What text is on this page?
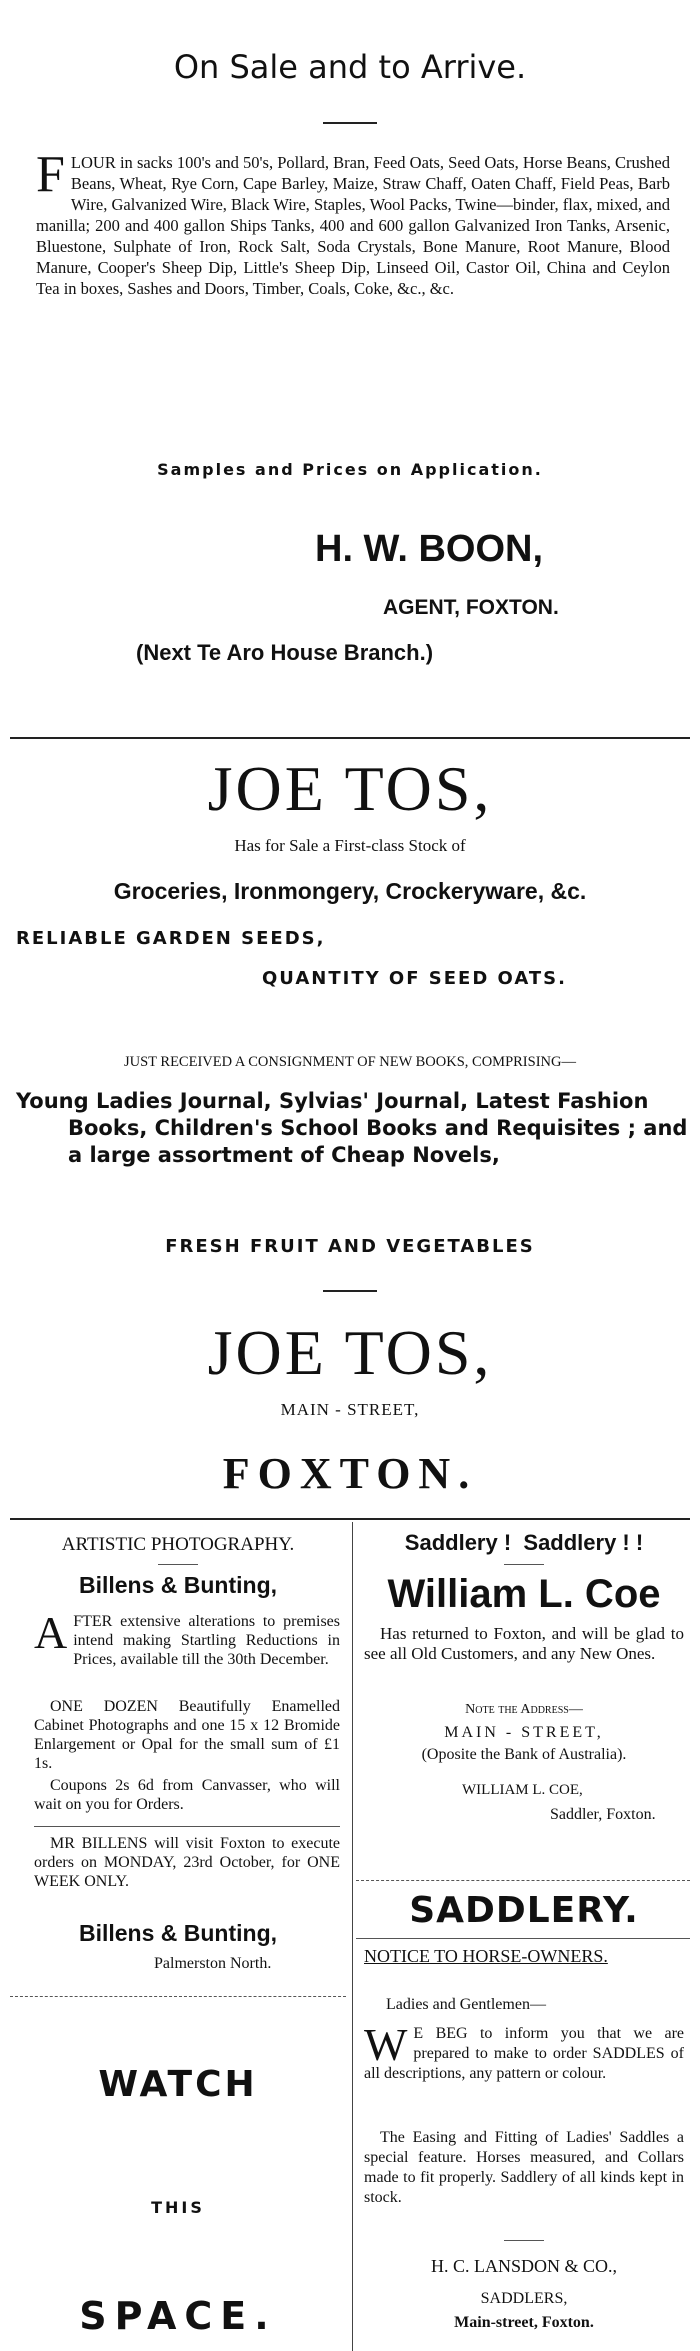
On Sale and to Arrive.
FLOUR in sacks 100's and 50's, Pollard, Bran, Feed Oats, Seed Oats, Horse Beans, Crushed Beans, Wheat, Rye Corn, Cape Barley, Maize, Straw Chaff, Oaten Chaff, Field Peas, Barb Wire, Galvanized Wire, Black Wire, Staples, Wool Packs, Twine—binder, flax, mixed, and manilla; 200 and 400 gallon Ships Tanks, 400 and 600 gallon Galvanized Iron Tanks, Arsenic, Bluestone, Sulphate of Iron, Rock Salt, Soda Crystals, Bone Manure, Root Manure, Blood Manure, Cooper's Sheep Dip, Little's Sheep Dip, Linseed Oil, Castor Oil, China and Ceylon Tea in boxes, Sashes and Doors, Timber, Coals, Coke, &c., &c.
Samples and Prices on Application.
H. W. BOON,
AGENT, FOXTON.
(Next Te Aro House Branch.)
JOE TOS,
Has for Sale a First-class Stock of
Groceries, Ironmongery, Crockeryware, &c.
RELIABLE GARDEN SEEDS,
QUANTITY OF SEED OATS.
JUST RECEIVED A CONSIGNMENT OF NEW BOOKS, COMPRISING—
Young Ladies Journal, Sylvias' Journal, Latest Fashion Books, Children's School Books and Requisites ; and a large assortment of Cheap Novels,
FRESH FRUIT AND VEGETABLES
JOE TOS,
MAIN - STREET,
FOXTON.
ARTISTIC PHOTOGRAPHY.
Billens & Bunting,
AFTER extensive alterations to premises intend making Startling Reductions in Prices, available till the 30th December.
ONE DOZEN Beautifully Enamelled Cabinet Photographs and one 15 x 12 Bromide Enlargement or Opal for the small sum of £1 1s.
Coupons 2s 6d from Canvasser, who will wait on you for Orders.
MR BILLENS will visit Foxton to execute orders on MONDAY, 23rd October, for ONE WEEK ONLY.
Billens & Bunting,
Palmerston North.
WATCH
THIS
SPACE.
Saddlery !  Saddlery ! !
William L. Coe
Has returned to Foxton, and will be glad to see all Old Customers, and any New Ones.
Note the Address—
MAIN - STREET,
(Oposite the Bank of Australia).
WILLIAM L. COE,
Saddler, Foxton.
SADDLERY.
NOTICE TO HORSE-OWNERS.
Ladies and Gentlemen—
W E BEG to inform you that we are prepared to make to order SADDLES of all descriptions, any pattern or colour.
The Easing and Fitting of Ladies' Saddles a special feature. Horses measured, and Collars made to fit properly. Saddlery of all kinds kept in stock.
H. C. LANSDON & CO.,
SADDLERS,
Main-street, Foxton.
